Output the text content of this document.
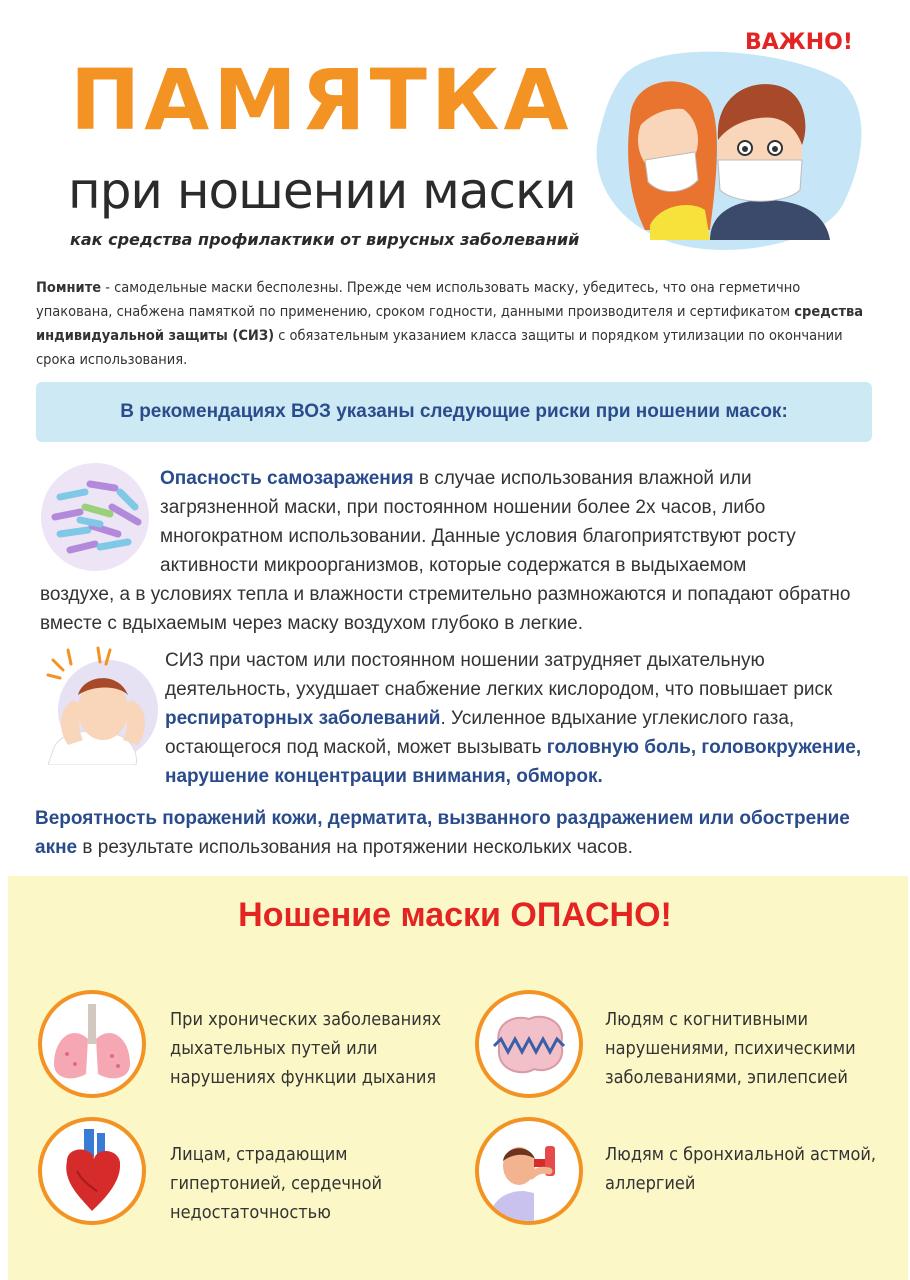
ПАМЯТКА
при ношении маски
как средства профилактики от вирусных заболеваний
ВАЖНО!
Помните - самодельные маски бесполезны. Прежде чем использовать маску, убедитесь, что она герметично упакована, снабжена памяткой по применению, сроком годности, данными производителя и сертификатом средства индивидуальной защиты (СИЗ) с обязательным указанием класса защиты и порядком утилизации по окончании срока использования.
В рекомендациях ВОЗ указаны следующие риски при ношении масок:
Опасность самозаражения в случае использования влажной или
загрязненной маски, при постоянном ношении более 2х часов, либо
многократном использовании. Данные условия благоприятствуют росту
активности микроорганизмов, которые содержатся в выдыхаемом
воздухе, а в условиях тепла и влажности стремительно размножаются и попадают обратно вместе с вдыхаемым через маску воздухом глубоко в легкие.
СИЗ при частом или постоянном ношении затрудняет дыхательную деятельность, ухудшает снабжение легких кислородом, что повышает риск респираторных заболеваний. Усиленное вдыхание углекислого газа, остающегося под маской, может вызывать головную боль, головокружение, нарушение концентрации внимания, обморок.
Вероятность поражений кожи, дерматита, вызванного раздражением или обострение акне в результате использования на протяжении нескольких часов.
Ношение маски ОПАСНО!
При хронических заболеваниях дыхательных путей или нарушениях функции дыхания
Людям с когнитивными нарушениями, психическими заболеваниями, эпилепсией
Лицам, страдающим гипертонией, сердечной недостаточностью
Людям с бронхиальной астмой, аллергией
